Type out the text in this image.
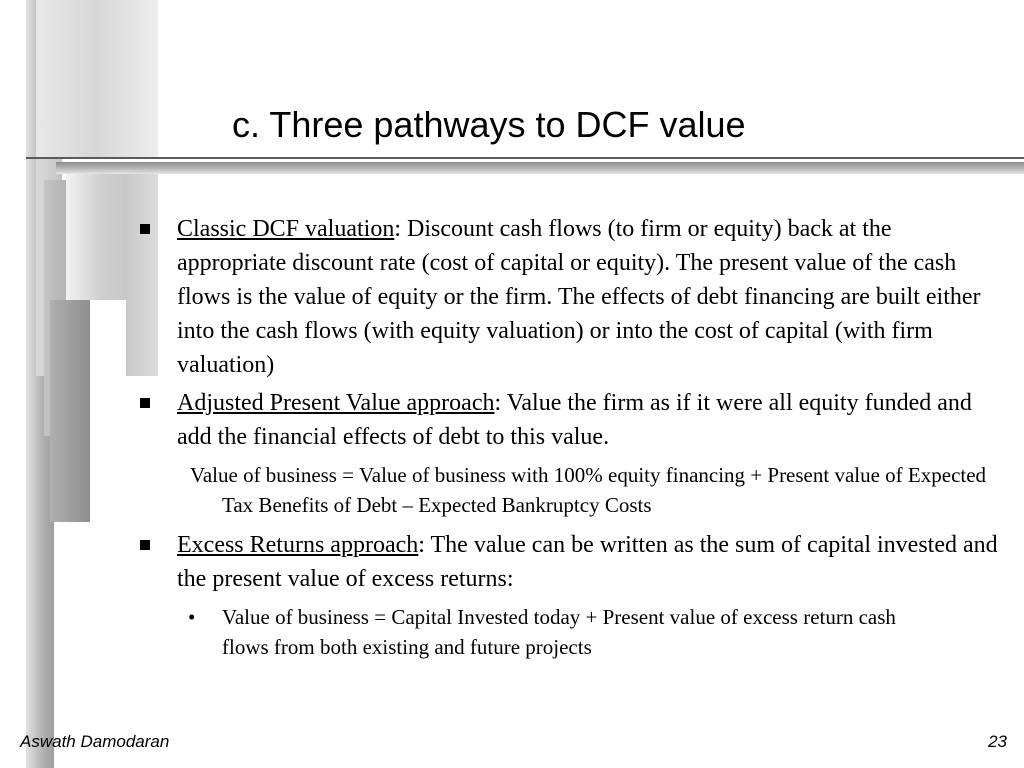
c. Three pathways to DCF value
Classic DCF valuation: Discount cash flows (to firm or equity) back at the appropriate discount rate (cost of capital or equity). The present value of the cash flows is the value of equity or the firm. The effects of debt financing are built either into the cash flows (with equity valuation) or into the cost of capital (with firm valuation)
Adjusted Present Value approach: Value the firm as if it were all equity funded and add the financial effects of debt to this value.
Value of business = Value of business with 100% equity financing + Present value of Expected Tax Benefits of Debt – Expected Bankruptcy Costs
Excess Returns approach: The value can be written as the sum of capital invested and the present value of excess returns:
• Value of business = Capital Invested today + Present value of excess return cash flows from both existing and future projects
Aswath Damodaran	23
